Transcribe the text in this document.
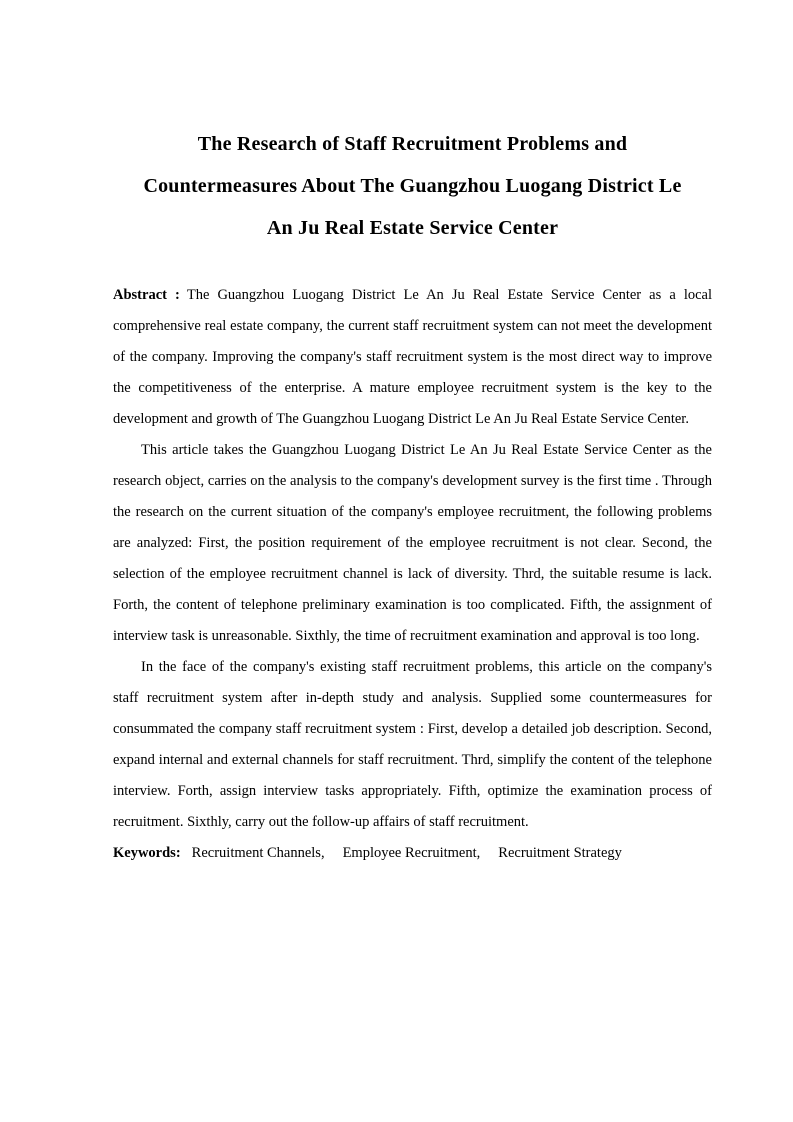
The Research of Staff Recruitment Problems and
Countermeasures About The Guangzhou Luogang District Le
An Ju Real Estate Service Center

Abstract : The Guangzhou Luogang District Le An Ju Real Estate Service Center as a local comprehensive real estate company, the current staff recruitment system can not meet the development of the company. Improving the company's staff recruitment system is the most direct way to improve the competitiveness of the enterprise. A mature employee recruitment system is the key to the development and growth of The Guangzhou Luogang District Le An Ju Real Estate Service Center.

This article takes the Guangzhou Luogang District Le An Ju Real Estate Service Center as the research object, carries on the analysis to the company's development survey is the first time . Through the research on the current situation of the company's employee recruitment, the following problems are analyzed: First, the position requirement of the employee recruitment is not clear. Second, the selection of the employee recruitment channel is lack of diversity. Thrd, the suitable resume is lack. Forth, the content of telephone preliminary examination is too complicated. Fifth, the assignment of interview task is unreasonable. Sixthly, the time of recruitment examination and approval is too long.

In the face of the company's existing staff recruitment problems, this article on the company's staff recruitment system after in-depth study and analysis. Supplied some countermeasures for consummated the company staff recruitment system : First, develop a detailed job description. Second, expand internal and external channels for staff recruitment. Thrd, simplify the content of the telephone interview. Forth, assign interview tasks appropriately. Fifth, optimize the examination process of recruitment. Sixthly, carry out the follow-up affairs of staff recruitment.

Keywords: Recruitment Channels, Employee Recruitment, Recruitment Strategy
